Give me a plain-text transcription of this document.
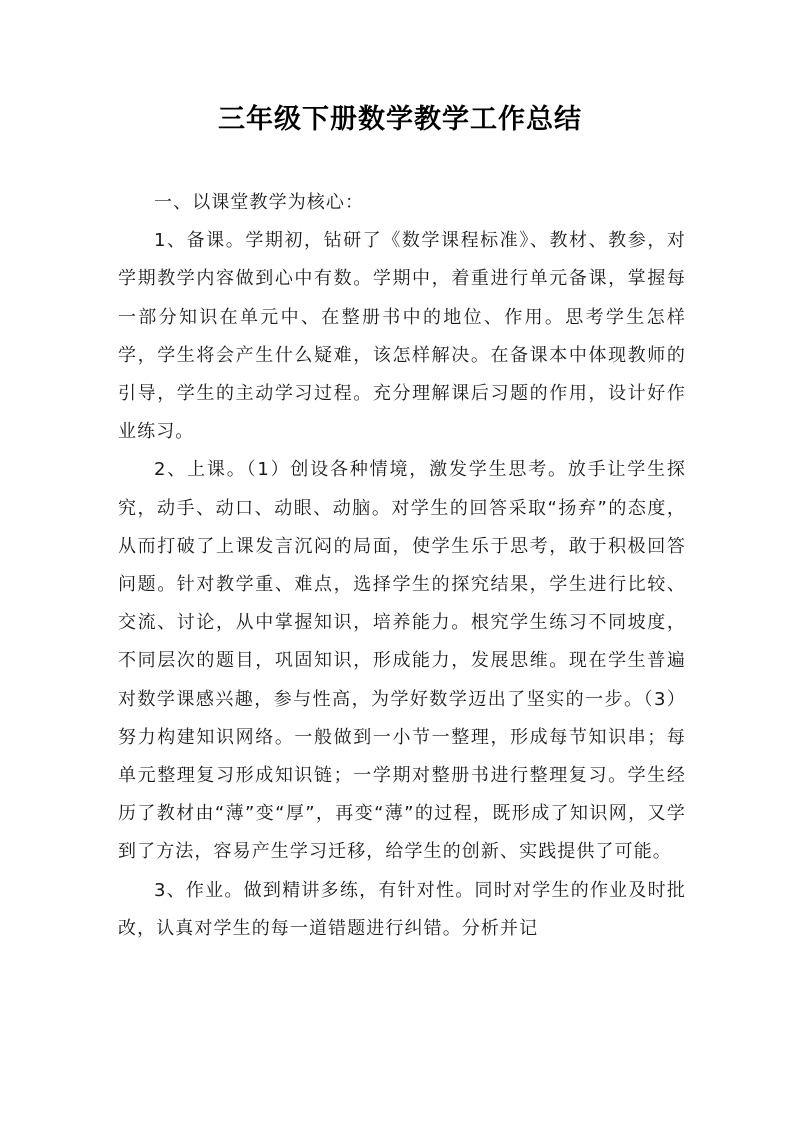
三年级下册数学教学工作总结

一、以课堂教学为核心：

1、备课。学期初，钻研了《数学课程标准》、教材、教参，对学期教学内容做到心中有数。学期中，着重进行单元备课，掌握每一部分知识在单元中、在整册书中的地位、作用。思考学生怎样学，学生将会产生什么疑难，该怎样解决。在备课本中体现教师的引导，学生的主动学习过程。充分理解课后习题的作用，设计好作业练习。

2、上课。（1）创设各种情境，激发学生思考。放手让学生探究，动手、动口、动眼、动脑。对学生的回答采取“扬弃”的态度，从而打破了上课发言沉闷的局面，使学生乐于思考，敢于积极回答问题。针对教学重、难点，选择学生的探究结果，学生进行比较、交流、讨论，从中掌握知识，培养能力。根究学生练习不同坡度，不同层次的题目，巩固知识，形成能力，发展思维。现在学生普遍对数学课感兴趣，参与性高，为学好数学迈出了坚实的一步。（3）努力构建知识网络。一般做到一小节一整理，形成每节知识串；每单元整理复习形成知识链；一学期对整册书进行整理复习。学生经历了教材由“薄”变“厚”，再变“薄”的过程，既形成了知识网，又学到了方法，容易产生学习迁移，给学生的创新、实践提供了可能。

3、作业。做到精讲多练，有针对性。同时对学生的作业及时批改，认真对学生的每一道错题进行纠错。分析并记
